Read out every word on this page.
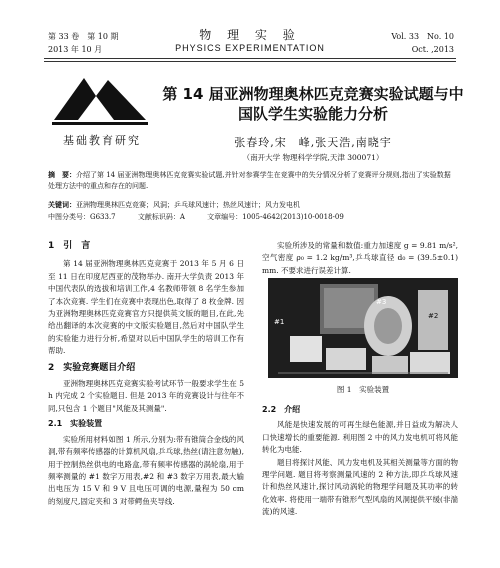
第 33 卷　第 10 期
2013 年 10 月
物 理 实 验
PHYSICS EXPERIMENTATION
Vol. 33　No. 10
Oct. ,2013
基础教育研究
第 14 届亚洲物理奥林匹克竞赛实验试题与中国队学生实验能力分析
张春玲,宋　峰,张天浩,南晓宇
（南开大学 物理科学学院,天津 300071）
摘　要：介绍了第 14 届亚洲物理奥林匹克竞赛实验试题,并针对参赛学生在竞赛中的失分情况分析了竞赛评分规则,指出了实验数据处理方法中的重点和存在的问题.
关键词：亚洲物理奥林匹克竞赛；风洞；乒乓球风速计；热丝风速计；风力发电机
中图分类号：G633.7	文献标识码：A	文章编号：1005-4642(2013)10-0018-09

1　引　言

第 14 届亚洲物理奥林匹克竞赛于 2013 年 5 月 6 日至 11 日在印度尼西亚的茂物举办. 南开大学负责 2013 年中国代表队的选拔和培训工作,4 名教师带领 8 名学生参加了本次竞赛. 学生们在竞赛中表现出色,取得了 8 枚金牌. 因为亚洲物理奥林匹克竞赛官方只提供英文版的题目,在此,先给出翻译的本次竞赛的中文版实验题目,然后对中国队学生的实验能力进行分析,希望对以后中国队学生的培训工作有帮助.

2　实验竞赛题目介绍

亚洲物理奥林匹克竞赛实验考试环节一般要求学生在 5 h 内完成 2 个实验题目. 但是 2013 年的竞赛设计与往年不同,只包含 1 个题目"风能及其测量".

2.1　实验装置

实验所用材料如图 1 所示,分别为:带有锥筒合金线的风洞,带有频率传感器的计算机风扇,乒乓球,热丝(请注意勿触),用于控制热丝供电的电路盒,带有频率传感器的涡轮扇,用于频率测量的 #1 数字万用表,#2 和 #3 数字万用表,最大输出电压为 15 V 和 9 V 且电压可调的电源,量程为 50 cm 的刻度尺,固定夹和 3 对带鳄鱼夹导线.

实验所涉及的常量和数值:重力加速度 g = 9.81 m/s²,空气密度 ρ₀ = 1.2 kg/m³,乒乓球直径 d₀ = (39.5±0.1) mm. 不要求进行误差计算.

#1
#3
#2
图 1　实验装置

2.2　介绍

风能是快速发展的可再生绿色能源,并日益成为解决人口快速增长的重要能源. 利用图 2 中的风力发电机可将风能转化为电能.

题目将探讨风能、风力发电机及其相关测量等方面的物理学问题. 题目将考察测量风速的 2 种方法,即乒乓球风速计和热丝风速计,探讨风动涡轮的物理学问题及其功率的转化效率. 将使用一端带有锥形气型风扇的风洞提供平缓(非湍流)的风速.
